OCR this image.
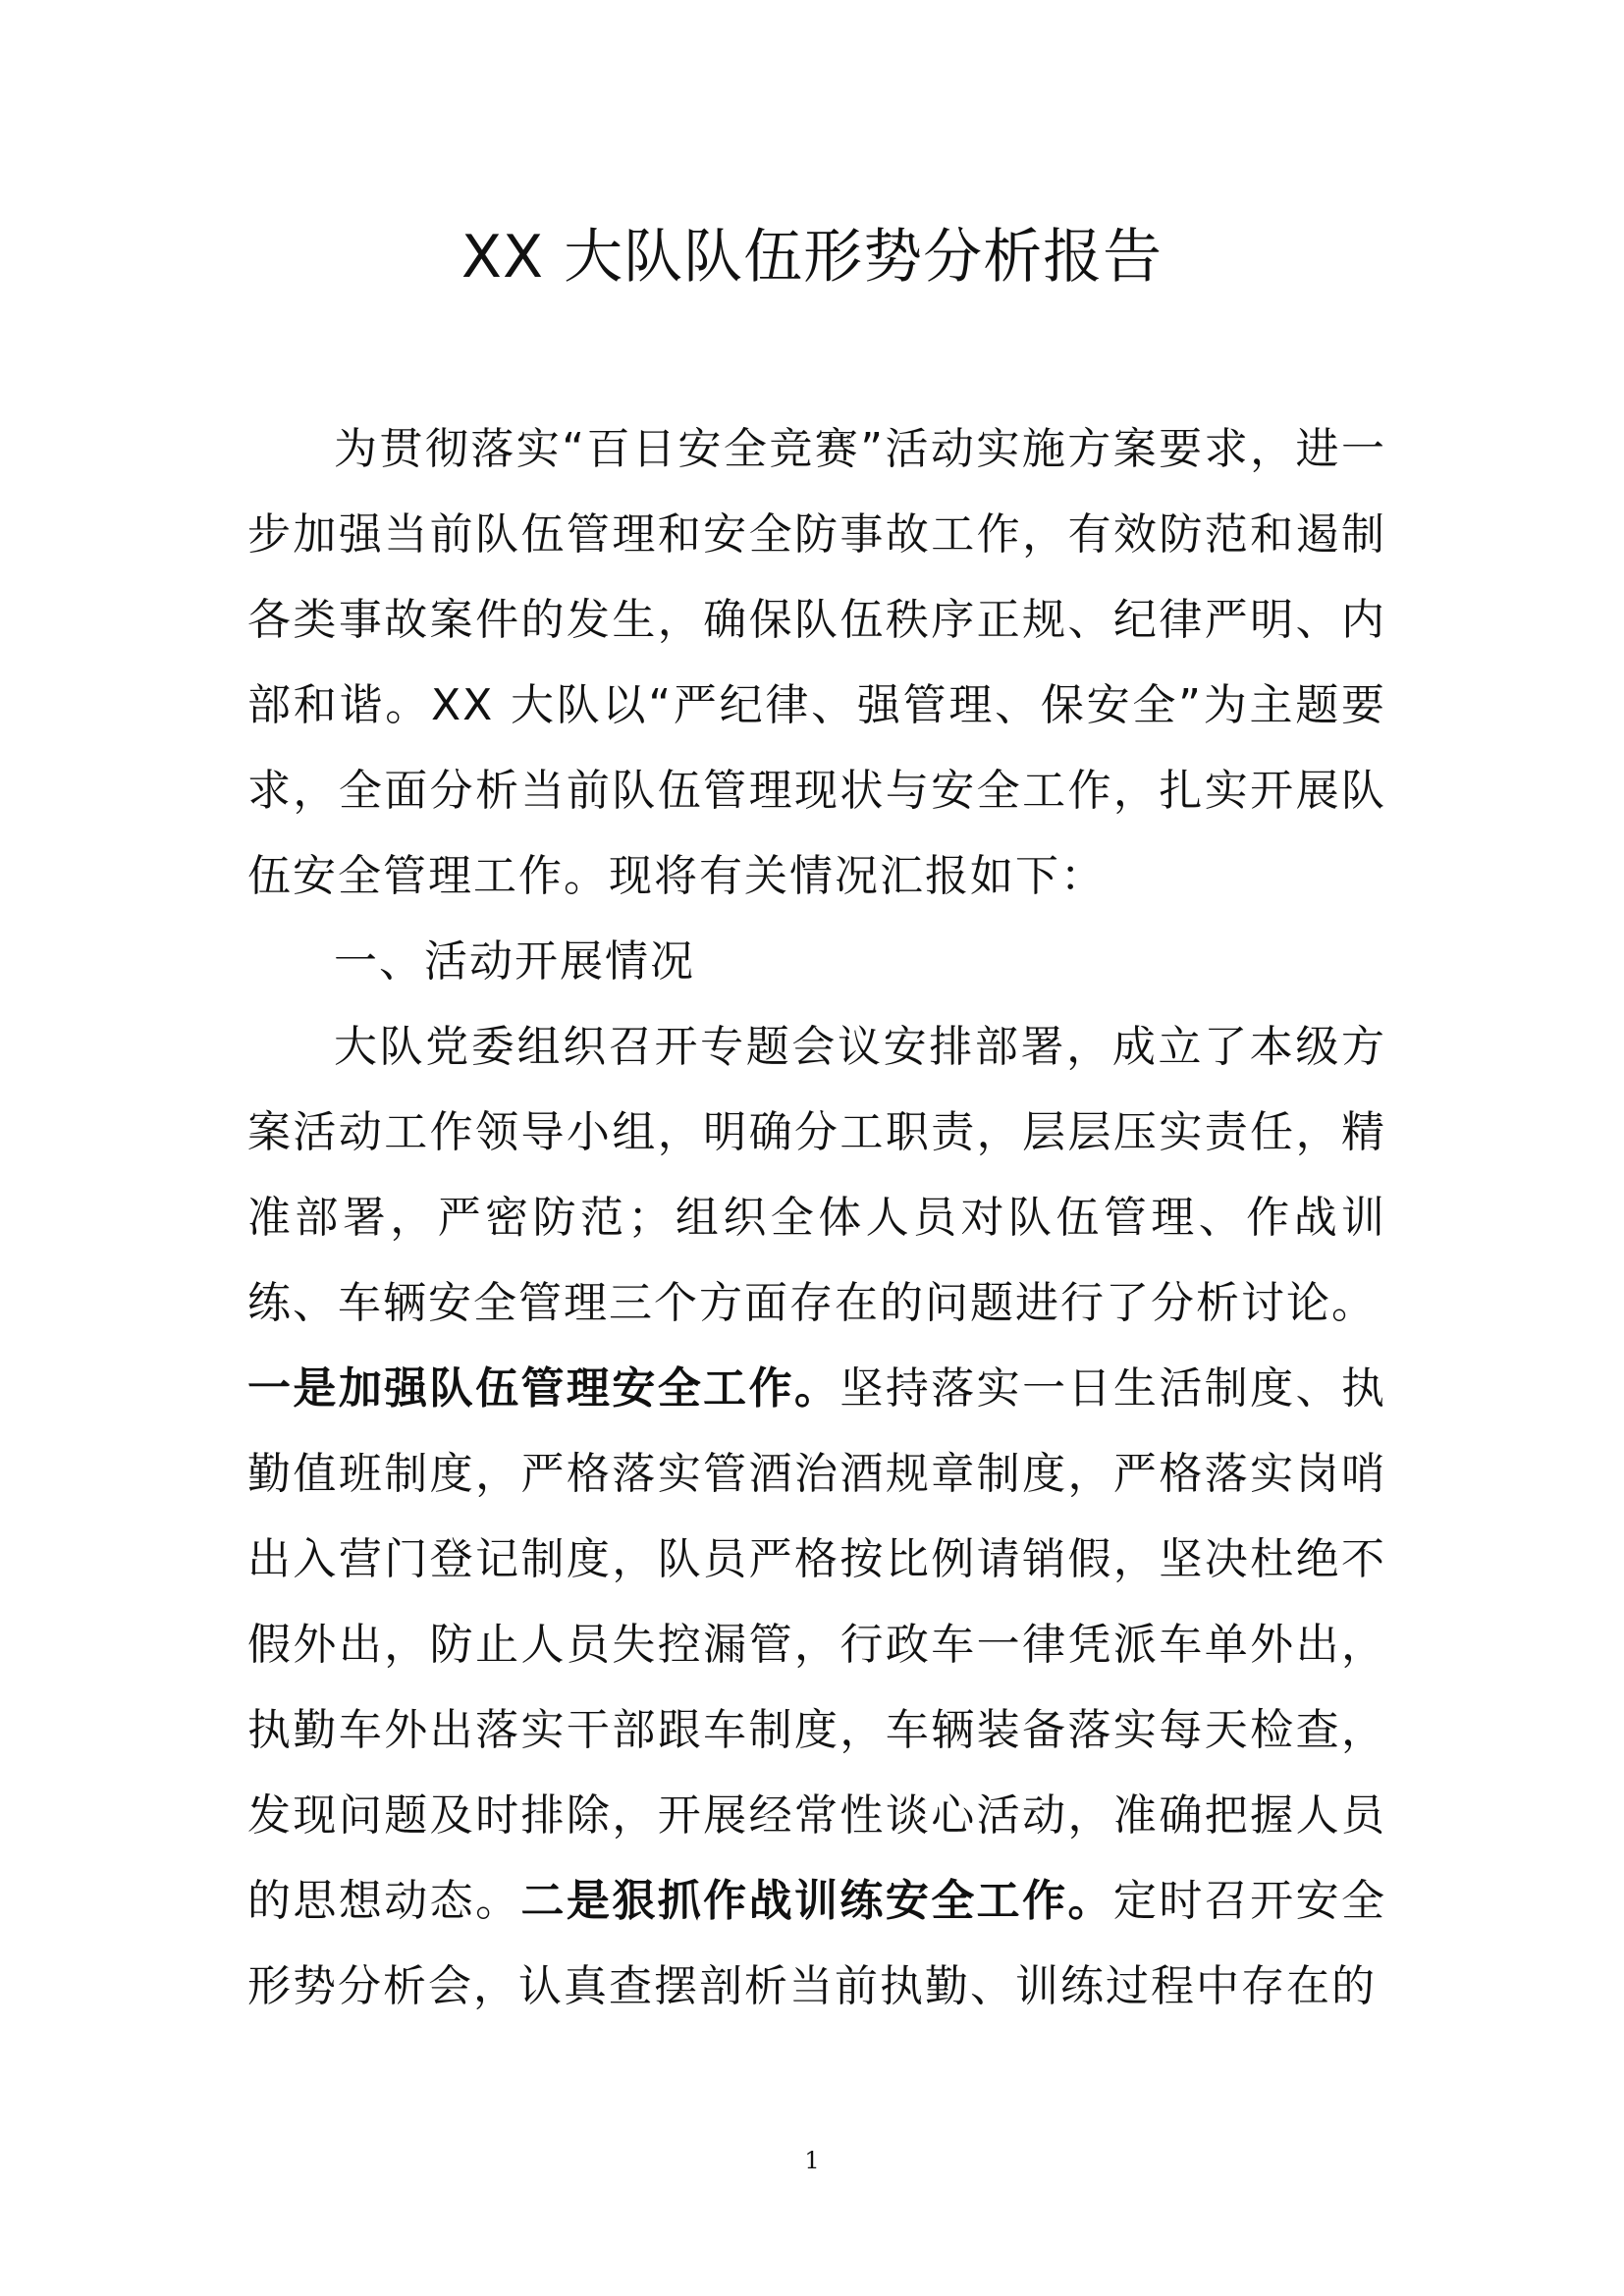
XX 大队队伍形势分析报告

为贯彻落实“百日安全竞赛”活动实施方案要求，进一步加强当前队伍管理和安全防事故工作，有效防范和遏制各类事故案件的发生，确保队伍秩序正规、纪律严明、内部和谐。XX 大队以“严纪律、强管理、保安全”为主题要求，全面分析当前队伍管理现状与安全工作，扎实开展队伍安全管理工作。现将有关情况汇报如下：

一、活动开展情况

大队党委组织召开专题会议安排部署，成立了本级方案活动工作领导小组，明确分工职责，层层压实责任，精准部署，严密防范；组织全体人员对队伍管理、作战训练、车辆安全管理三个方面存在的问题进行了分析讨论。

一是加强队伍管理安全工作。坚持落实一日生活制度、执勤值班制度，严格落实管酒治酒规章制度，严格落实岗哨出入营门登记制度，队员严格按比例请销假，坚决杜绝不假外出，防止人员失控漏管，行政车一律凭派车单外出，执勤车外出落实干部跟车制度，车辆装备落实每天检查，发现问题及时排除，开展经常性谈心活动，准确把握人员的思想动态。二是狠抓作战训练安全工作。定时召开安全形势分析会，认真查摆剖析当前执勤、训练过程中存在的

1
